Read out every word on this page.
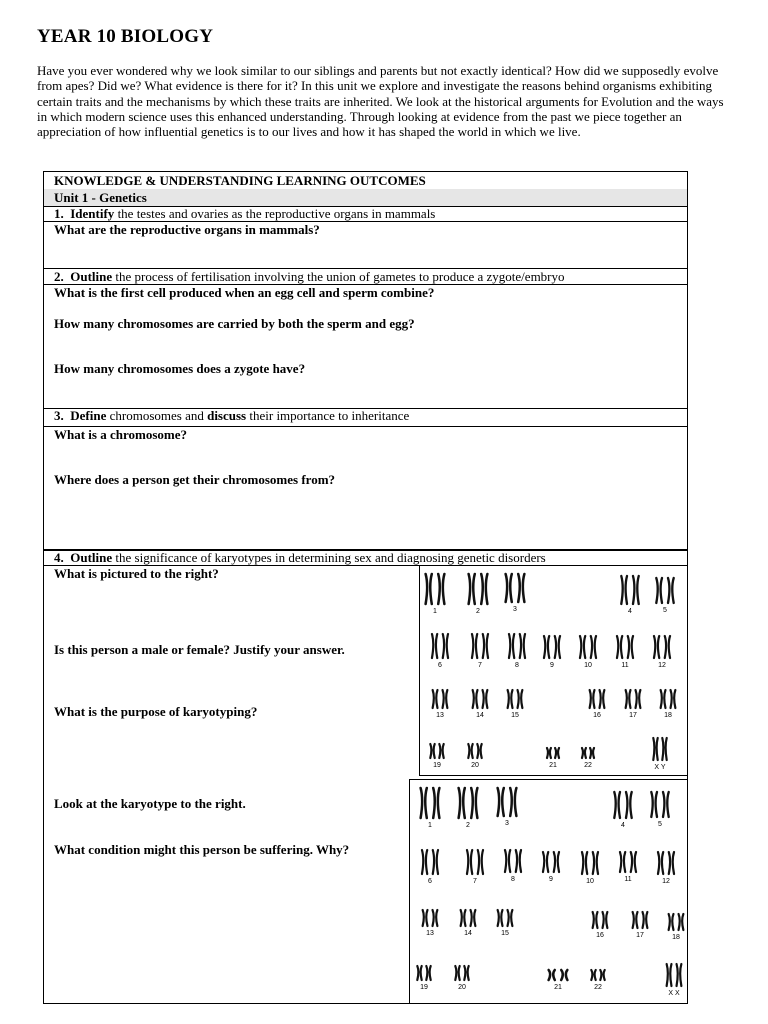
YEAR 10 BIOLOGY
Have you ever wondered why we look similar to our siblings and parents but not exactly identical? How did we supposedly evolve from apes? Did we? What evidence is there for it? In this unit we explore and investigate the reasons behind organisms exhibiting certain traits and the mechanisms by which these traits are inherited. We look at the historical arguments for Evolution and the ways in which modern science uses this enhanced understanding. Through looking at evidence from the past we piece together an appreciation of how influential genetics is to our lives and how it has shaped the world in which we live.
KNOWLEDGE & UNDERSTANDING LEARNING OUTCOMES
Unit 1 - Genetics
1. Identify the testes and ovaries as the reproductive organs in mammals
What are the reproductive organs in mammals?
2. Outline the process of fertilisation involving the union of gametes to produce a zygote/embryo
What is the first cell produced when an egg cell and sperm combine?
How many chromosomes are carried by both the sperm and egg?
How many chromosomes does a zygote have?
3. Define chromosomes and discuss their importance to inheritance
What is a chromosome?
Where does a person get their chromosomes from?
4. Outline the significance of karyotypes in determining sex and diagnosing genetic disorders
What is pictured to the right?
Is this person a male or female? Justify your answer.
What is the purpose of karyotyping?
Look at the karyotype to the right.
What condition might this person be suffering. Why?
1	2	3	4	5
6	7	8	9	10	11	12
13	14	15	16	17	18
19	20	21	22	X Y
1	2	3	4	5
6	7	8	9	10	11	12
13	14	15	16	17	18
19	20	21	22
X X
